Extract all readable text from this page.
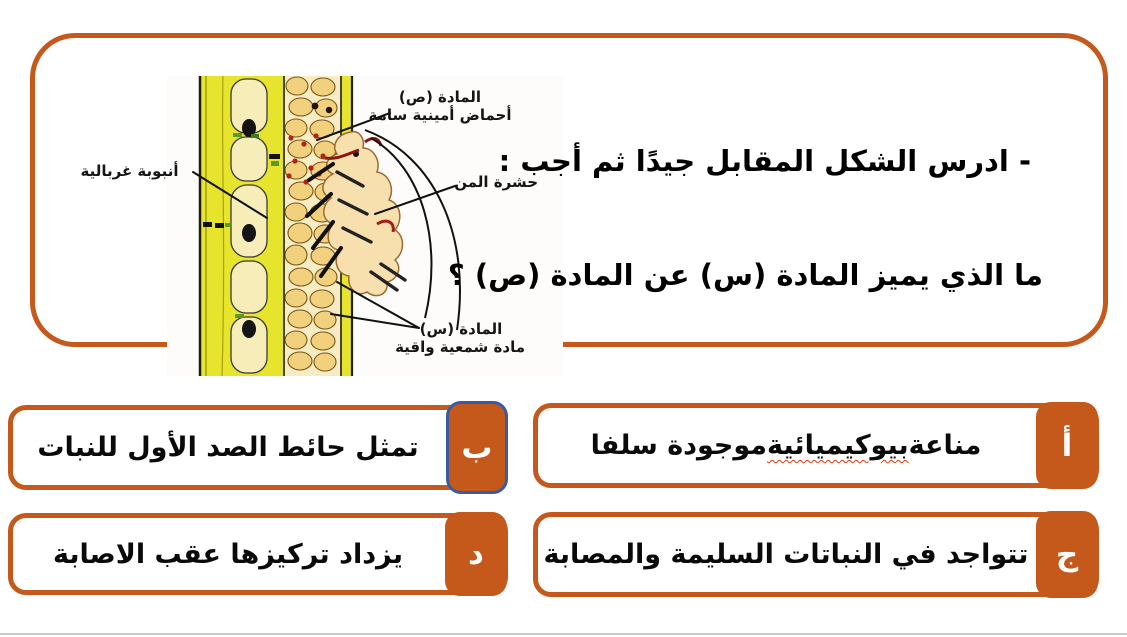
المادة (ص)
أحماض أمينية سامة
حشرة المن
أنبوبة غربالية
المادة (س)
مادة شمعية واقية
- ادرس الشكل المقابل جيدًا ثم أجب :
ما الذي يميز المادة (س) عن المادة (ص) ؟
مناعة
بيوكيميائية
موجودة سلفا	أ
تمثل حائط الصد الأول للنبات	ب
تتواجد في النباتات السليمة والمصابة ج
يزداد تركيزها عقب الاصابة	د
